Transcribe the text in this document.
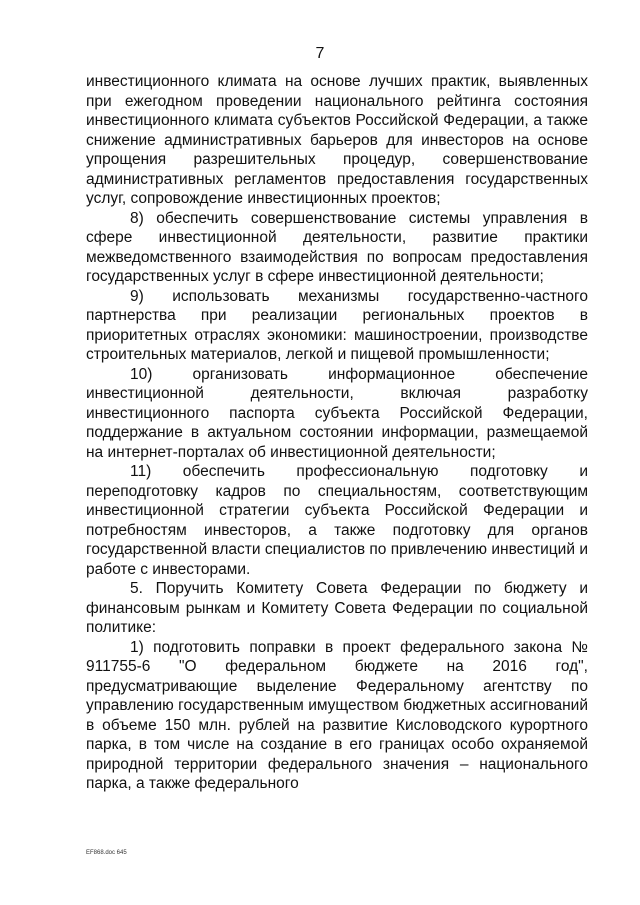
7

инвестиционного климата на основе лучших практик, выявленных при ежегодном проведении национального рейтинга состояния инвестиционного климата субъектов Российской Федерации, а также снижение административных барьеров для инвесторов на основе упрощения разрешительных процедур, совершенствование административных регламентов предоставления государственных услуг, сопровождение инвестиционных проектов;

8) обеспечить совершенствование системы управления в сфере инвестиционной деятельности, развитие практики межведомственного взаимодействия по вопросам предоставления государственных услуг в сфере инвестиционной деятельности;

9) использовать механизмы государственно-частного партнерства при реализации региональных проектов в приоритетных отраслях экономики: машиностроении, производстве строительных материалов, легкой и пищевой промышленности;

10) организовать информационное обеспечение инвестиционной деятельности, включая разработку инвестиционного паспорта субъекта Российской Федерации, поддержание в актуальном состоянии информации, размещаемой на интернет-порталах об инвестиционной деятельности;

11) обеспечить профессиональную подготовку и переподготовку кадров по специальностям, соответствующим инвестиционной стратегии субъекта Российской Федерации и потребностям инвесторов, а также подготовку для органов государственной власти специалистов по привлечению инвестиций и работе с инвесторами.

5. Поручить Комитету Совета Федерации по бюджету и финансовым рынкам и Комитету Совета Федерации по социальной политике:

1) подготовить поправки в проект федерального закона № 911755-6 "О федеральном бюджете на 2016 год", предусматривающие выделение Федеральному агентству по управлению государственным имуществом бюджетных ассигнований в объеме 150 млн. рублей на развитие Кисловодского курортного парка, в том числе на создание в его границах особо охраняемой природной территории федерального значения – национального парка, а также федерального

EF868.doc 645
